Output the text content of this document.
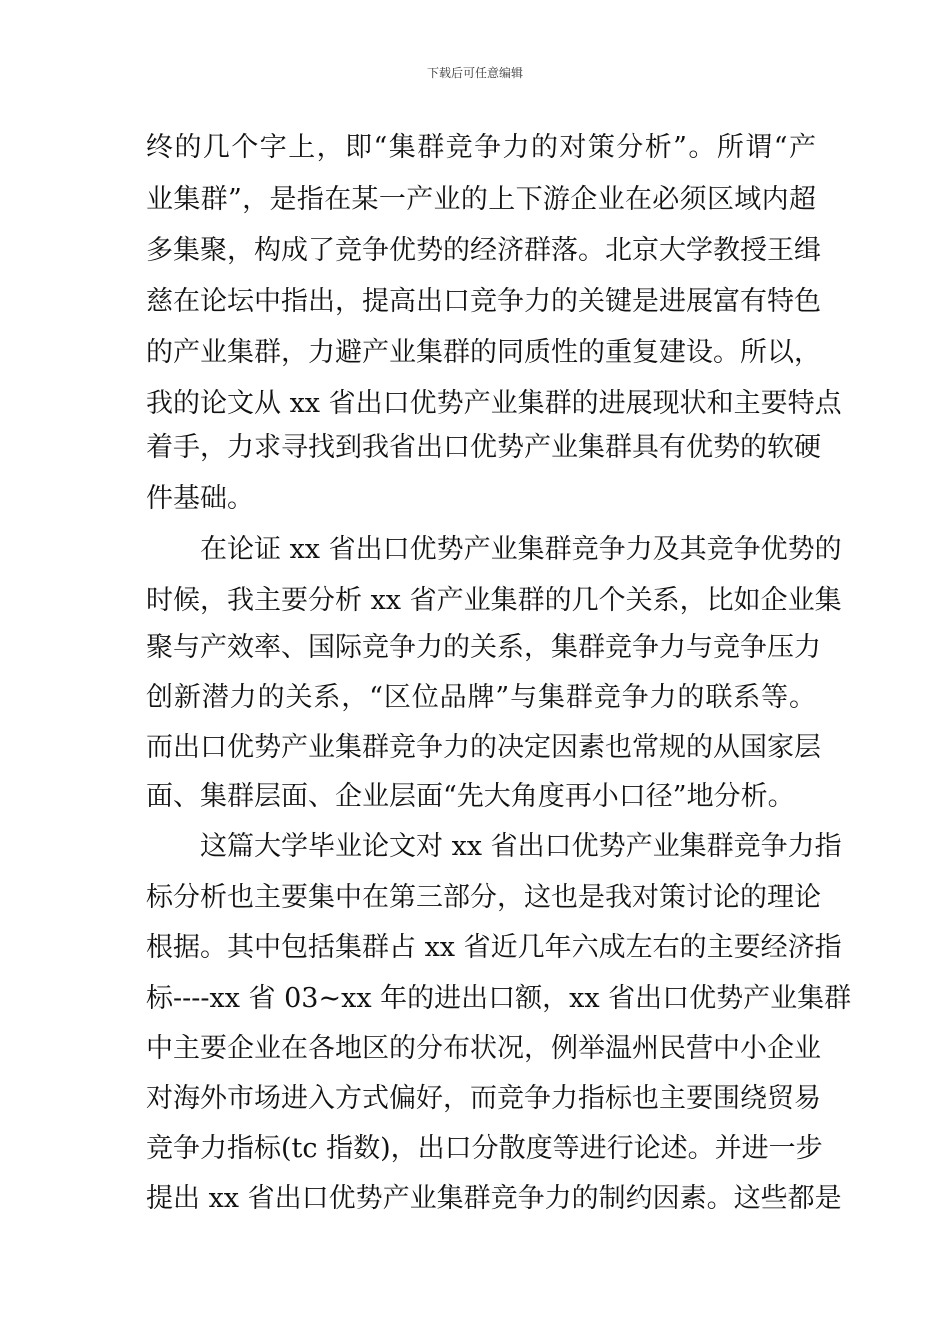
下载后可任意编辑
终的几个字上，即“集群竞争力的对策分析”。所谓“产
业集群”，是指在某一产业的上下游企业在必须区域内超
多集聚，构成了竞争优势的经济群落。北京大学教授王缉
慈在论坛中指出，提高出口竞争力的关键是进展富有特色
的产业集群，力避产业集群的同质性的重复建设。所以，
我的论文从 xx 省出口优势产业集群的进展现状和主要特点
着手，力求寻找到我省出口优势产业集群具有优势的软硬
件基础。
在论证 xx 省出口优势产业集群竞争力及其竞争优势的
时候，我主要分析 xx 省产业集群的几个关系，比如企业集
聚与产效率、国际竞争力的关系，集群竞争力与竞争压力
创新潜力的关系，“区位品牌”与集群竞争力的联系等。
而出口优势产业集群竞争力的决定因素也常规的从国家层
面、集群层面、企业层面“先大角度再小口径”地分析。
这篇大学毕业论文对 xx 省出口优势产业集群竞争力指
标分析也主要集中在第三部分，这也是我对策讨论的理论
根据。其中包括集群占 xx 省近几年六成左右的主要经济指
标----xx 省 03~xx 年的进出口额，xx 省出口优势产业集群
中主要企业在各地区的分布状况，例举温州民营中小企业
对海外市场进入方式偏好，而竞争力指标也主要围绕贸易
竞争力指标(tc 指数)，出口分散度等进行论述。并进一步
提出 xx 省出口优势产业集群竞争力的制约因素。这些都是
